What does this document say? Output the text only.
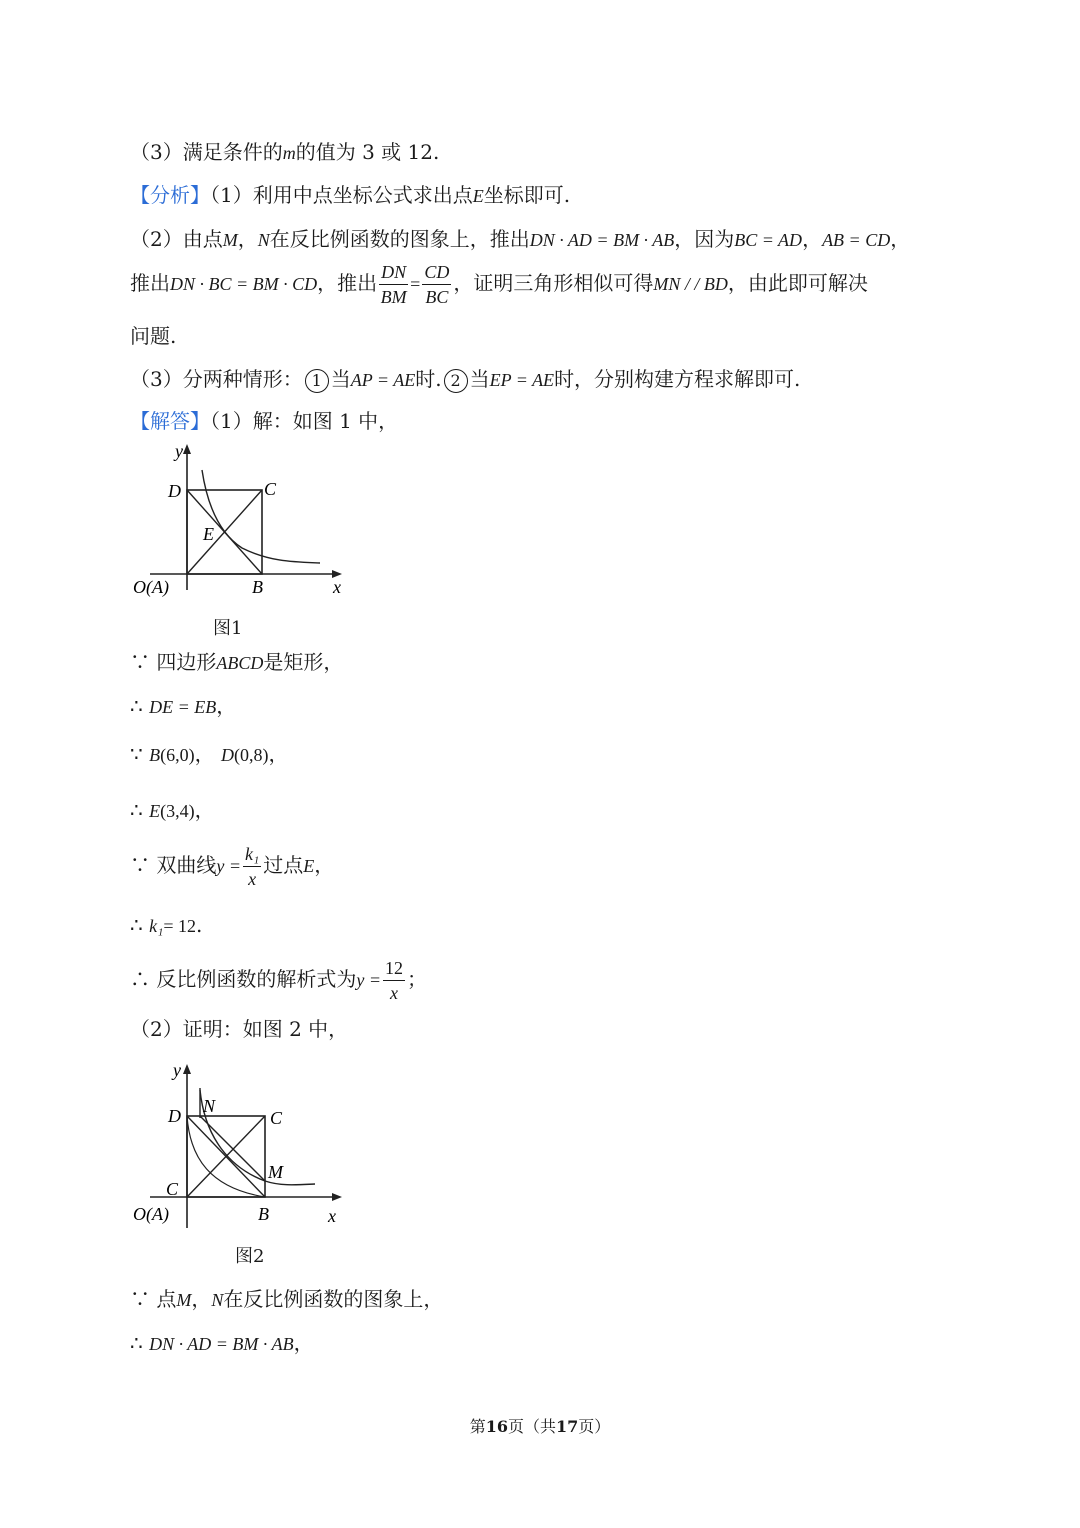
（3）满足条件的m的值为 3 或 12.
【分析】（1）利用中点坐标公式求出点E坐标即可.
（2）由点M，N在反比例函数的图象上，推出DN · AD = BM · AB，因为BC = AD，AB = CD，
推出DN · BC = BM · CD，推出 $\frac{DN}{BM} = \frac{CD}{BC}$ ，证明三角形相似可得MN / / BD，由此即可解决
问题.
（3）分两种情形： 1 当AP = AE时. 2 当EP = AE时，分别构建方程求解即可.
【解答】（1）解：如图 1 中，
y
x
D	C
E
O(A)	B
图1
∵ 四边形ABCD是矩形，
∴ DE = EB，
∵ B(6,0)， D(0,8)，
∴ E(3,4)，
∵ 双曲线$y = \frac{\text{k₁}}{x}$ 过点E，
∴ k₁= 12.
∴ 反比例函数的解析式为$y = \frac{12}{x}$ ；
（2）证明：如图 2 中，
y
x
D N
C
M
C
O(A)	B
图2
∵ 点M，N在反比例函数的图象上，
∴ DN · AD = BM · AB，
第16页（共17页）
